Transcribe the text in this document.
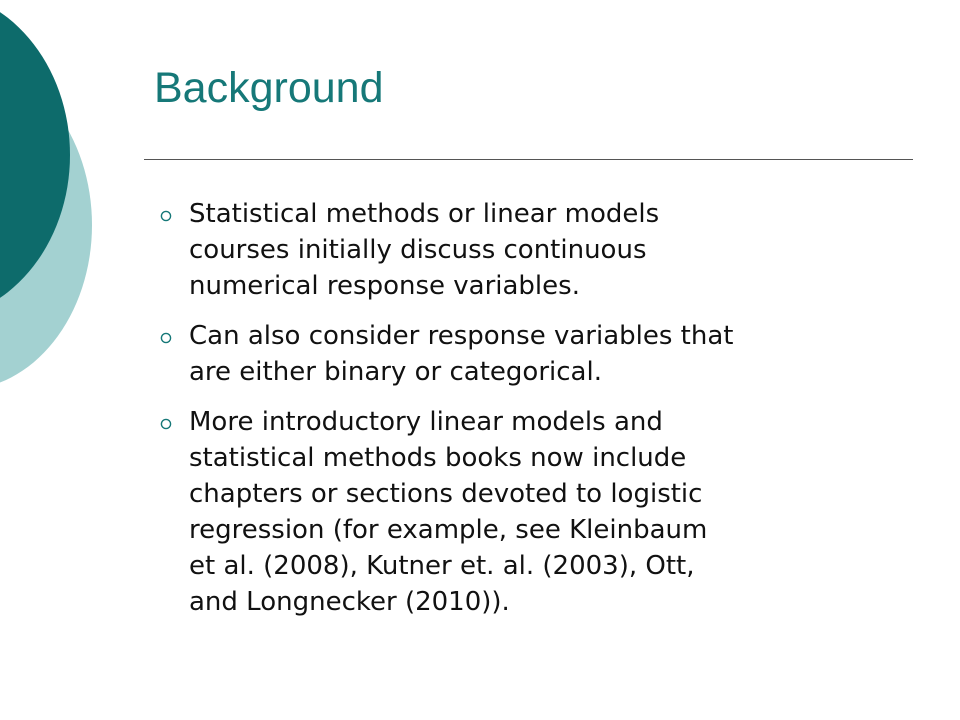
Background
Statistical methods or linear models
courses initially discuss continuous
numerical response variables.
Can also consider response variables that
are either binary or categorical.
More introductory linear models and
statistical methods books now include
chapters or sections devoted to logistic
regression (for example, see Kleinbaum
et al. (2008), Kutner et. al. (2003), Ott,
and Longnecker (2010)).
